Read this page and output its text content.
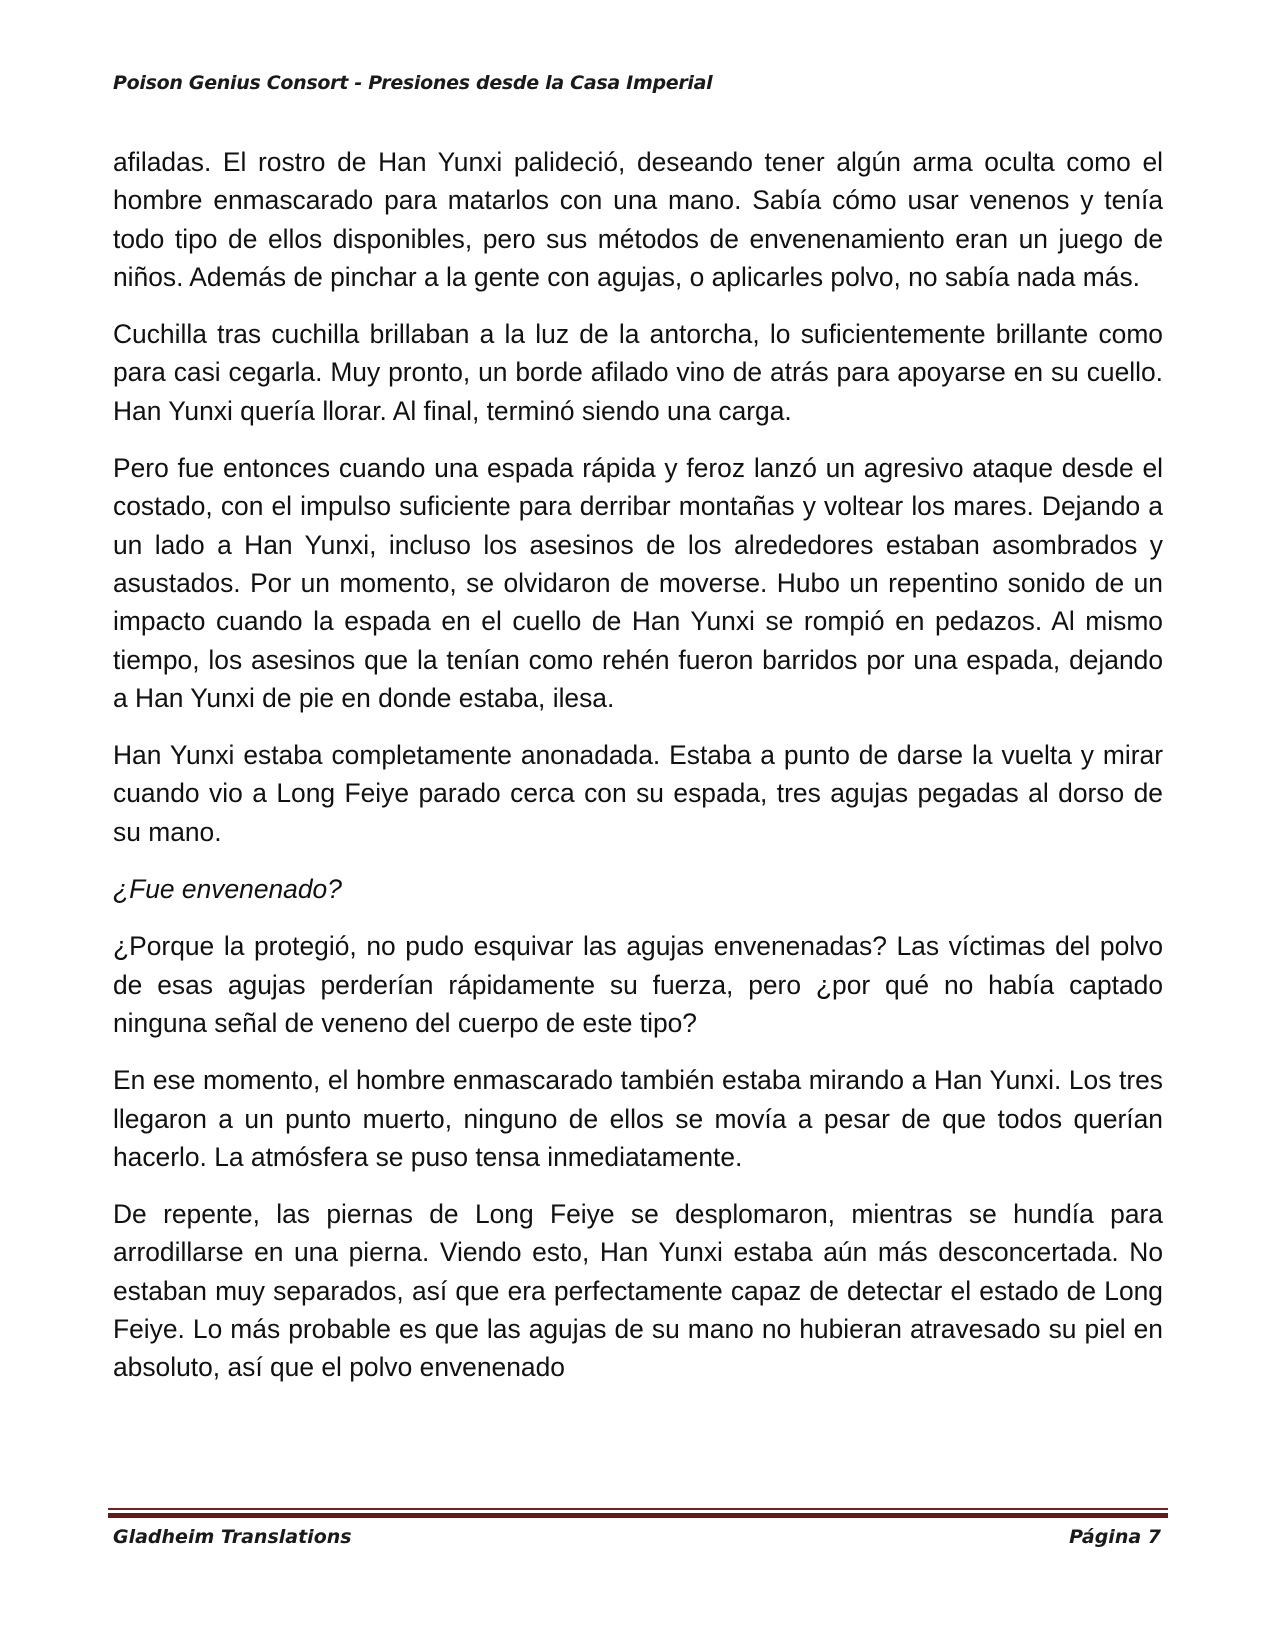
Poison Genius Consort - Presiones desde la Casa Imperial

afiladas. El rostro de Han Yunxi palideció, deseando tener algún arma oculta como el hombre enmascarado para matarlos con una mano. Sabía cómo usar venenos y tenía todo tipo de ellos disponibles, pero sus métodos de envenenamiento eran un juego de niños. Además de pinchar a la gente con agujas, o aplicarles polvo, no sabía nada más.

Cuchilla tras cuchilla brillaban a la luz de la antorcha, lo suficientemente brillante como para casi cegarla. Muy pronto, un borde afilado vino de atrás para apoyarse en su cuello. Han Yunxi quería llorar. Al final, terminó siendo una carga.

Pero fue entonces cuando una espada rápida y feroz lanzó un agresivo ataque desde el costado, con el impulso suficiente para derribar montañas y voltear los mares. Dejando a un lado a Han Yunxi, incluso los asesinos de los alrededores estaban asombrados y asustados. Por un momento, se olvidaron de moverse. Hubo un repentino sonido de un impacto cuando la espada en el cuello de Han Yunxi se rompió en pedazos. Al mismo tiempo, los asesinos que la tenían como rehén fueron barridos por una espada, dejando a Han Yunxi de pie en donde estaba, ilesa.

Han Yunxi estaba completamente anonadada. Estaba a punto de darse la vuelta y mirar cuando vio a Long Feiye parado cerca con su espada, tres agujas pegadas al dorso de su mano.

¿Fue envenenado?

¿Porque la protegió, no pudo esquivar las agujas envenenadas? Las víctimas del polvo de esas agujas perderían rápidamente su fuerza, pero ¿por qué no había captado ninguna señal de veneno del cuerpo de este tipo?

En ese momento, el hombre enmascarado también estaba mirando a Han Yunxi. Los tres llegaron a un punto muerto, ninguno de ellos se movía a pesar de que todos querían hacerlo. La atmósfera se puso tensa inmediatamente.

De repente, las piernas de Long Feiye se desplomaron, mientras se hundía para arrodillarse en una pierna. Viendo esto, Han Yunxi estaba aún más desconcertada. No estaban muy separados, así que era perfectamente capaz de detectar el estado de Long Feiye. Lo más probable es que las agujas de su mano no hubieran atravesado su piel en absoluto, así que el polvo envenenado

Gladheim Translations	Página 7
